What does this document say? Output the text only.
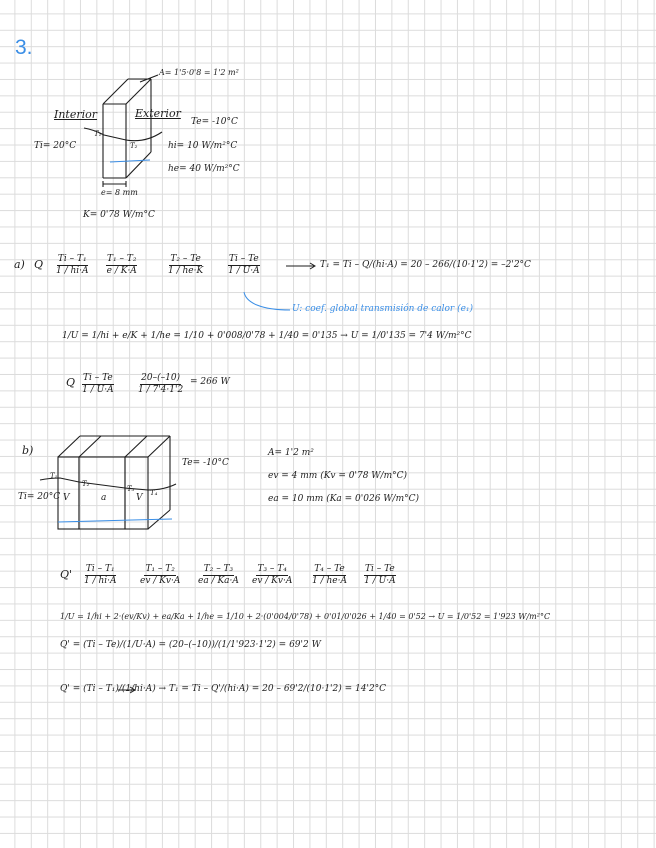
3.
A= 1'5·0'8 = 1'2 m²
Interior	Exterior
Te= -10°C
Ti= 20°C
T₁
T₂	hi= 10 W/m²°C
he= 40 W/m²°C
e= 8 mm
K= 0'78 W/m°C
a) Q $\frac{\text{Ti – T₁}}{1 / hi\cdot A} \frac{\text{T₁ – T₂}}{e / K\cdot A}$	$\frac{\text{T₂ – Te}}{1 / he\cdot K}$	$\frac{Ti - Te}{1 / U\cdot A}$	T₁ = Ti – Q/(hi·A) = 20 – 266/(10·1'2) = –2'2°C
U: coef. global transmisión de calor (e₁)
1/U = 1/hi + e/K + 1/he = 1/10 + 0'008/0'78 + 1/40 = 0'135 → U = 1/0'135 = 7'4 W/m²°C
Q $\frac{Ti - Te}{1 / U\cdot A}$	$\frac{20-(-10)}{1 / 7'4\cdot 1'2} = 266$ W
b)
Te= -10°C
Ti= 20°C
T₁
T₂
T₃ T₄
V	a	V
A= 1'2 m²
ev = 4 mm (Kv = 0'78 W/m°C)
ea = 10 mm (Ka = 0'026 W/m°C)
$Q' \frac{\text{Ti – T₁}}{1 / hi\cdot A}$	$\frac{\text{T₁ – T₂}}{ev / Kv\cdot A} \frac{\text{T₂ – T₃}}{ea / Ka\cdot A} \frac{\text{T₃ – T₄}}{ev / Kv\cdot A} \frac{\text{T₄ – Te}}{1 / he\cdot A} \frac{Ti - Te}{1 / U\cdot A}$
1/U = 1/hi + 2·(ev/Kv) + ea/Ka + 1/he = 1/10 + 2·(0'004/0'78) + 0'01/0'026 + 1/40 = 0'52 → U = 1/0'52 = 1'923 W/m²°C
Q' = (Ti – Te)/(1/U·A) = (20–(–10))/(1/1'923·1'2) = 69'2 W
Q' = (Ti – T₁)/(1/hi·A) → T₁ = Ti – Q'/(hi·A) = 20 – 69'2/(10·1'2) = 14'2°C
